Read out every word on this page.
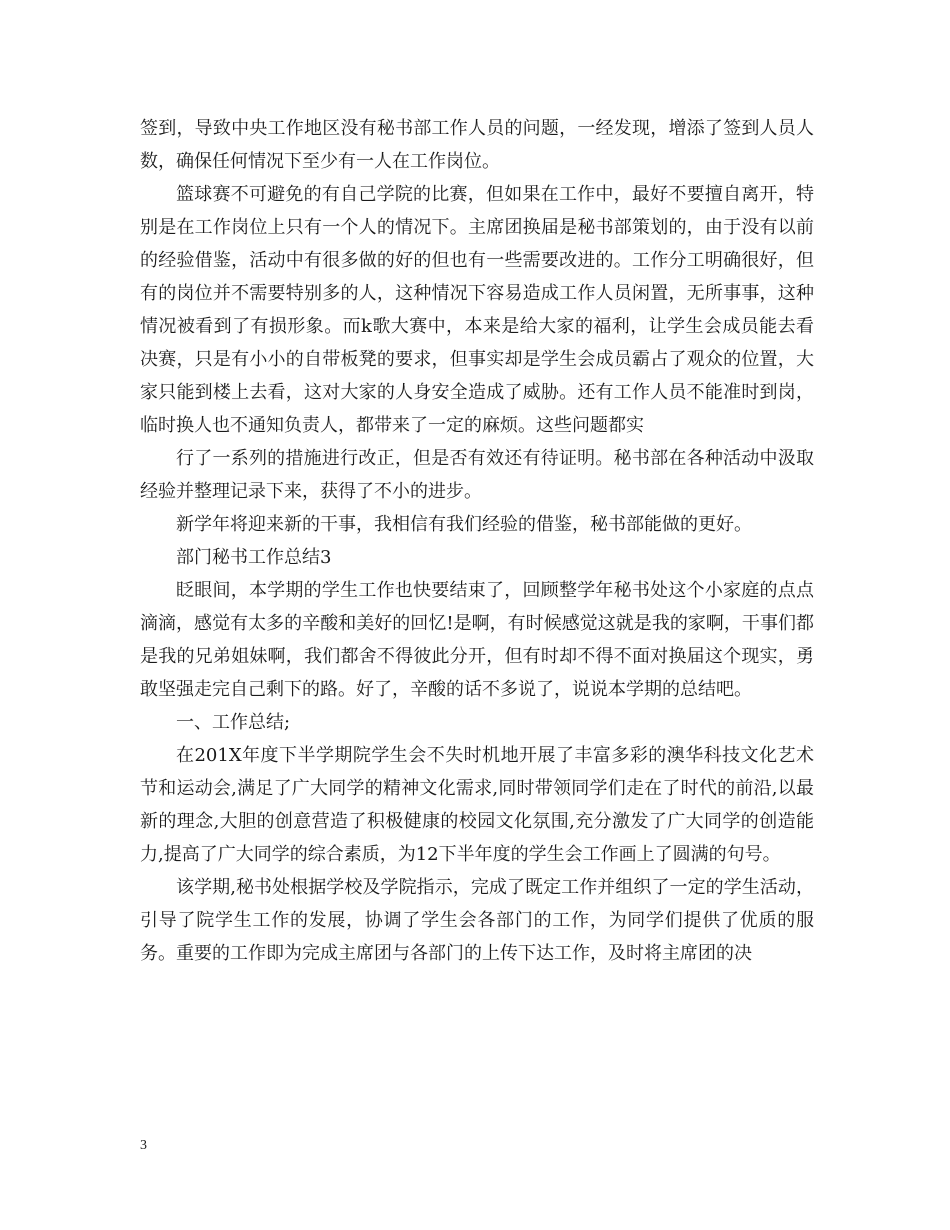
签到，导致中央工作地区没有秘书部工作人员的问题，一经发现，增添了签到人员人数，确保任何情况下至少有一人在工作岗位。

篮球赛不可避免的有自己学院的比赛，但如果在工作中，最好不要擅自离开，特别是在工作岗位上只有一个人的情况下。主席团换届是秘书部策划的，由于没有以前的经验借鉴，活动中有很多做的好的但也有一些需要改进的。工作分工明确很好，但有的岗位并不需要特别多的人，这种情况下容易造成工作人员闲置，无所事事，这种情况被看到了有损形象。而k歌大赛中，本来是给大家的福利，让学生会成员能去看决赛，只是有小小的自带板凳的要求，但事实却是学生会成员霸占了观众的位置，大家只能到楼上去看，这对大家的人身安全造成了威胁。还有工作人员不能准时到岗，临时换人也不通知负责人，都带来了一定的麻烦。这些问题都实

行了一系列的措施进行改正，但是否有效还有待证明。秘书部在各种活动中汲取经验并整理记录下来，获得了不小的进步。

新学年将迎来新的干事，我相信有我们经验的借鉴，秘书部能做的更好。

部门秘书工作总结3

眨眼间，本学期的学生工作也快要结束了，回顾整学年秘书处这个小家庭的点点滴滴，感觉有太多的辛酸和美好的回忆!是啊，有时候感觉这就是我的家啊，干事们都是我的兄弟姐妹啊，我们都舍不得彼此分开，但有时却不得不面对换届这个现实，勇敢坚强走完自己剩下的路。好了，辛酸的话不多说了，说说本学期的总结吧。

一、工作总结;

在201X年度下半学期院学生会不失时机地开展了丰富多彩的澳华科技文化艺术节和运动会,满足了广大同学的精神文化需求,同时带领同学们走在了时代的前沿,以最新的理念,大胆的创意营造了积极健康的校园文化氛围,充分激发了广大同学的创造能力,提高了广大同学的综合素质，为12下半年度的学生会工作画上了圆满的句号。

该学期,秘书处根据学校及学院指示，完成了既定工作并组织了一定的学生活动，引导了院学生工作的发展，协调了学生会各部门的工作，为同学们提供了优质的服务。重要的工作即为完成主席团与各部门的上传下达工作，及时将主席团的决

3
